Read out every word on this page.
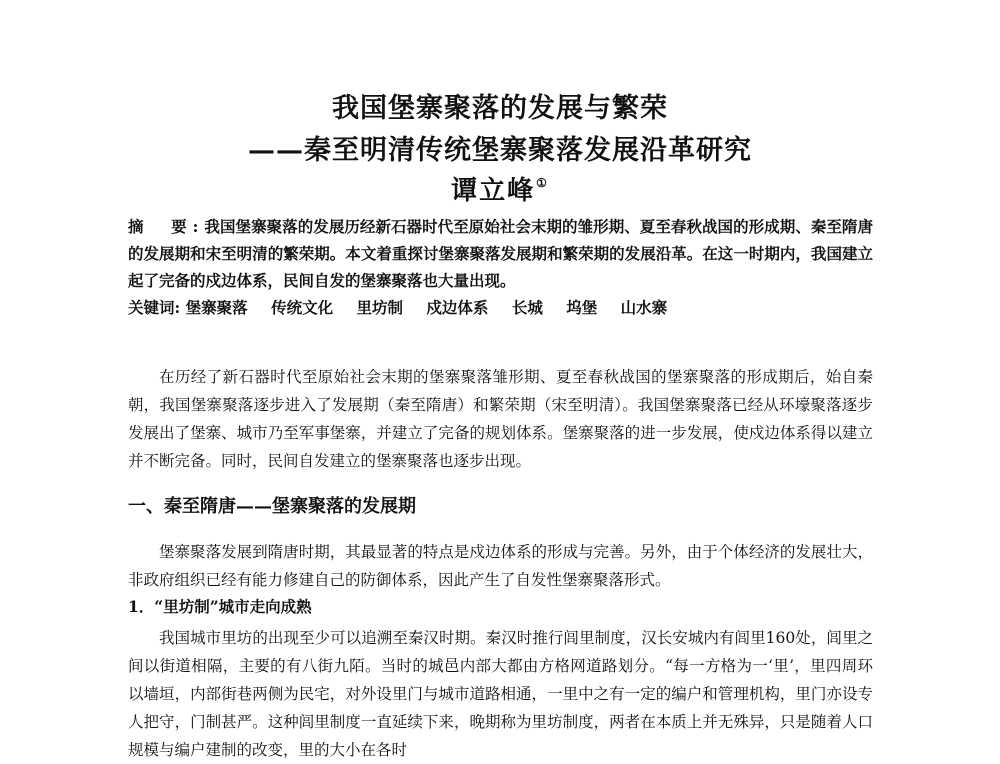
我国堡寨聚落的发展与繁荣
——秦至明清传统堡寨聚落发展沿革研究
谭立峰①
摘　要:我国堡寨聚落的发展历经新石器时代至原始社会末期的雏形期、夏至春秋战国的形成期、秦至隋唐的发展期和宋至明清的繁荣期。本文着重探讨堡寨聚落发展期和繁荣期的发展沿革。在这一时期内，我国建立起了完备的戍边体系，民间自发的堡寨聚落也大量出现。
关键词: 堡寨聚落 传统文化 里坊制 戍边体系 长城 坞堡 山水寨
在历经了新石器时代至原始社会末期的堡寨聚落雏形期、夏至春秋战国的堡寨聚落的形成期后，始自秦朝，我国堡寨聚落逐步进入了发展期（秦至隋唐）和繁荣期（宋至明清）。我国堡寨聚落已经从环壕聚落逐步发展出了堡寨、城市乃至军事堡寨，并建立了完备的规划体系。堡寨聚落的进一步发展，使戍边体系得以建立并不断完备。同时，民间自发建立的堡寨聚落也逐步出现。
一、秦至隋唐——堡寨聚落的发展期
堡寨聚落发展到隋唐时期，其最显著的特点是戍边体系的形成与完善。另外，由于个体经济的发展壮大，非政府组织已经有能力修建自己的防御体系，因此产生了自发性堡寨聚落形式。
1．“里坊制”城市走向成熟
我国城市里坊的出现至少可以追溯至秦汉时期。秦汉时推行闾里制度，汉长安城内有闾里160处，闾里之间以街道相隔，主要的有八街九陌。当时的城邑内部大都由方格网道路划分。“每一方格为一‘里’，里四周环以墙垣，内部街巷两侧为民宅，对外设里门与城市道路相通，一里中之有一定的编户和管理机构，里门亦设专人把守，门制甚严。这种闾里制度一直延续下来，晚期称为里坊制度，两者在本质上并无殊异，只是随着人口规模与编户建制的改变，里的大小在各时
